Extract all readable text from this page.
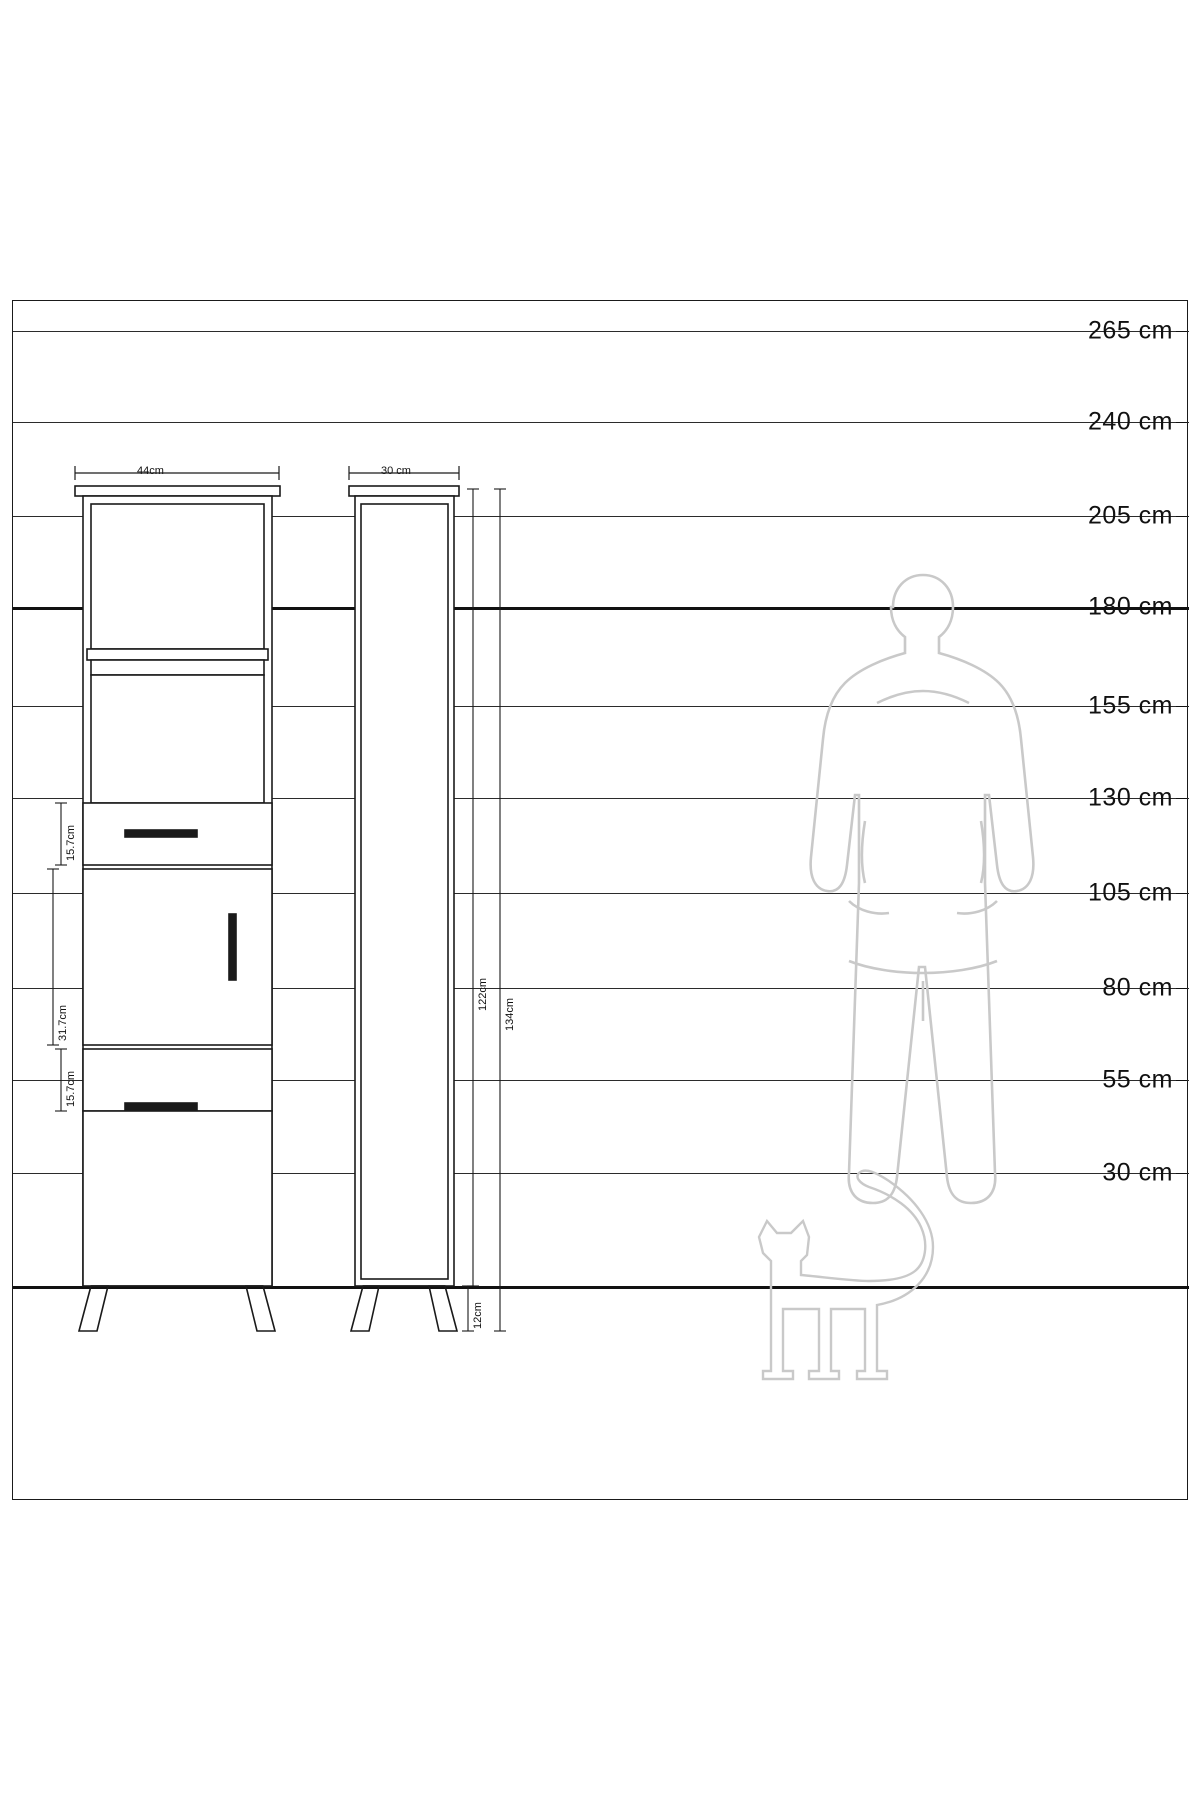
265 cm
240 cm
205 cm
180 cm
155 cm
130 cm
105 cm
80 cm
55 cm
30 cm
44cm	30 cm
15.7cm
31.7cm
15.7cm
122cm
134cm
12cm
